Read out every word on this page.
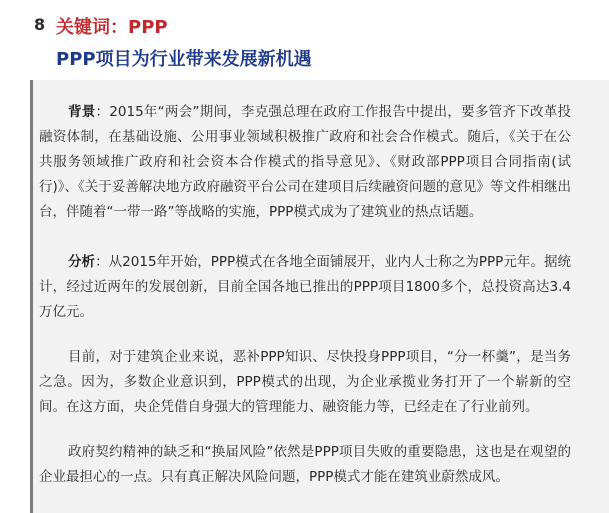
8 关键词：PPP
PPP项目为行业带来发展新机遇

背景：2015年“两会”期间，李克强总理在政府工作报告中提出，要多管齐下改革投融资体制，在基础设施、公用事业领域积极推广政府和社会合作模式。随后，《关于在公共服务领域推广政府和社会资本合作模式的指导意见》、《财政部PPP项目合同指南(试行)》、《关于妥善解决地方政府融资平台公司在建项目后续融资问题的意见》等文件相继出台，伴随着“一带一路”等战略的实施，PPP模式成为了建筑业的热点话题。

分析：从2015年开始，PPP模式在各地全面铺展开，业内人士称之为PPP元年。据统计，经过近两年的发展创新，目前全国各地已推出的PPP项目1800多个，总投资高达3.4万亿元。

目前，对于建筑企业来说，恶补PPP知识、尽快投身PPP项目，“分一杯羹”，是当务之急。因为，多数企业意识到，PPP模式的出现，为企业承揽业务打开了一个崭新的空间。在这方面，央企凭借自身强大的管理能力、融资能力等，已经走在了行业前列。

政府契约精神的缺乏和“换届风险”依然是PPP项目失败的重要隐患，这也是在观望的企业最担心的一点。只有真正解决风险问题，PPP模式才能在建筑业蔚然成风。
